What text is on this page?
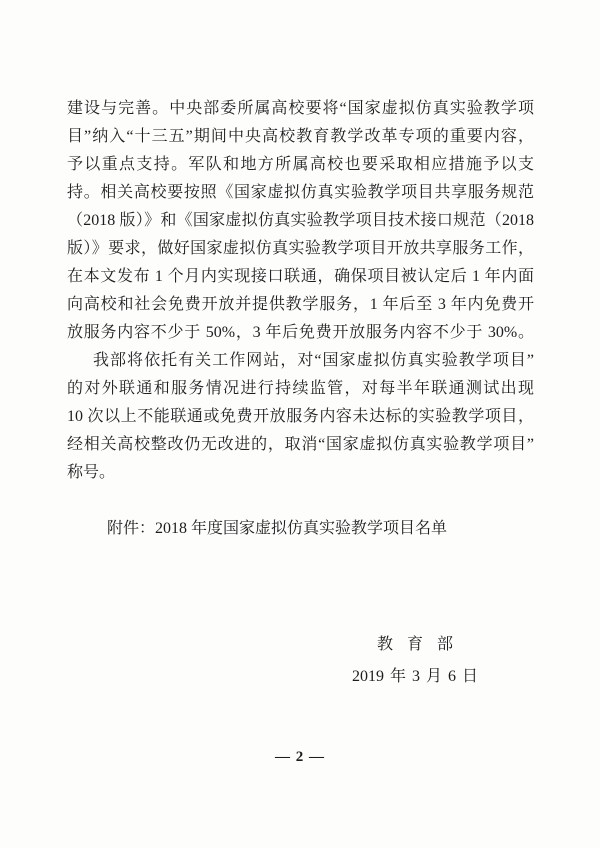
建设与完善。中央部委所属高校要将“国家虚拟仿真实验教学项
目”纳入“十三五”期间中央高校教育教学改革专项的重要内容，
予以重点支持。军队和地方所属高校也要采取相应措施予以支
持。相关高校要按照《国家虚拟仿真实验教学项目共享服务规范
（2018 版）》和《国家虚拟仿真实验教学项目技术接口规范（2018
版）》要求，做好国家虚拟仿真实验教学项目开放共享服务工作，
在本文发布 1 个月内实现接口联通，确保项目被认定后 1 年内面
向高校和社会免费开放并提供教学服务，1 年后至 3 年内免费开
放服务内容不少于 50%，3 年后免费开放服务内容不少于 30%。
我部将依托有关工作网站，对“国家虚拟仿真实验教学项目”
的对外联通和服务情况进行持续监管，对每半年联通测试出现
10 次以上不能联通或免费开放服务内容未达标的实验教学项目，
经相关高校整改仍无改进的，取消“国家虚拟仿真实验教学项目”
称号。
附件：2018 年度国家虚拟仿真实验教学项目名单
教 育 部
2019 年 3 月 6 日
— 2 —
